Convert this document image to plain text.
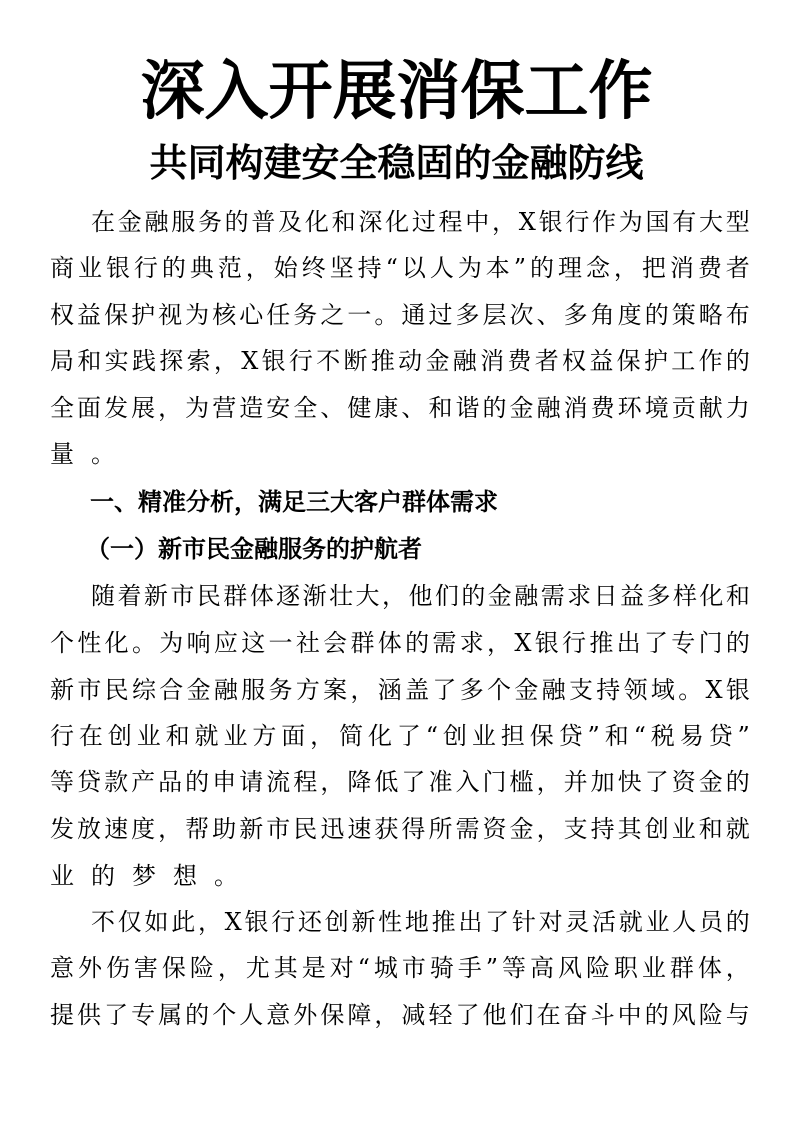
深入开展消保工作
共同构建安全稳固的金融防线
在 金 融 服 务 的 普 及 化 和 深 化 过 程 中 ， X 银 行 作 为 国 有 大 型
商 业 银 行 的 典 范 ， 始 终 坚 持 “ 以 人 为 本 ” 的 理 念 ， 把 消 费 者
权 益 保 护 视 为 核 心 任 务 之 一 。 通 过 多 层 次 、 多 角 度 的 策 略 布
局 和 实 践 探 索 ， X 银 行 不 断 推 动 金 融 消 费 者 权 益 保 护 工 作 的
全 面 发 展 ， 为 营 造 安 全 、 健 康 、 和 谐 的 金 融 消 费 环 境 贡 献 力
量。
一、精准分析，满足三大客户群体需求
（一）新市民金融服务的护航者
随 着 新 市 民 群 体 逐 渐 壮 大 ， 他 们 的 金 融 需 求 日 益 多 样 化 和
个 性 化 。 为 响 应 这 一 社 会 群 体 的 需 求 ， X 银 行 推 出 了 专 门 的
新 市 民 综 合 金 融 服 务 方 案 ， 涵 盖 了 多 个 金 融 支 持 领 域 。 X 银
行 在 创 业 和 就 业 方 面 ， 简 化 了 “ 创 业 担 保 贷 ” 和 “ 税 易 贷 ”
等 贷 款 产 品 的 申 请 流 程 ， 降 低 了 准 入 门 槛 ， 并 加 快 了 资 金 的
发 放 速 度 ， 帮 助 新 市 民 迅 速 获 得 所 需 资 金 ， 支 持 其 创 业 和 就
业的梦想。
不 仅 如 此 ， X 银 行 还 创 新 性 地 推 出 了 针 对 灵 活 就 业 人 员 的
意 外 伤 害 保 险 ， 尤 其 是 对 “ 城 市 骑 手 ” 等 高 风 险 职 业 群 体 ，
提 供 了 专 属 的 个 人 意 外 保 障 ， 减 轻 了 他 们 在 奋 斗 中 的 风 险 与
